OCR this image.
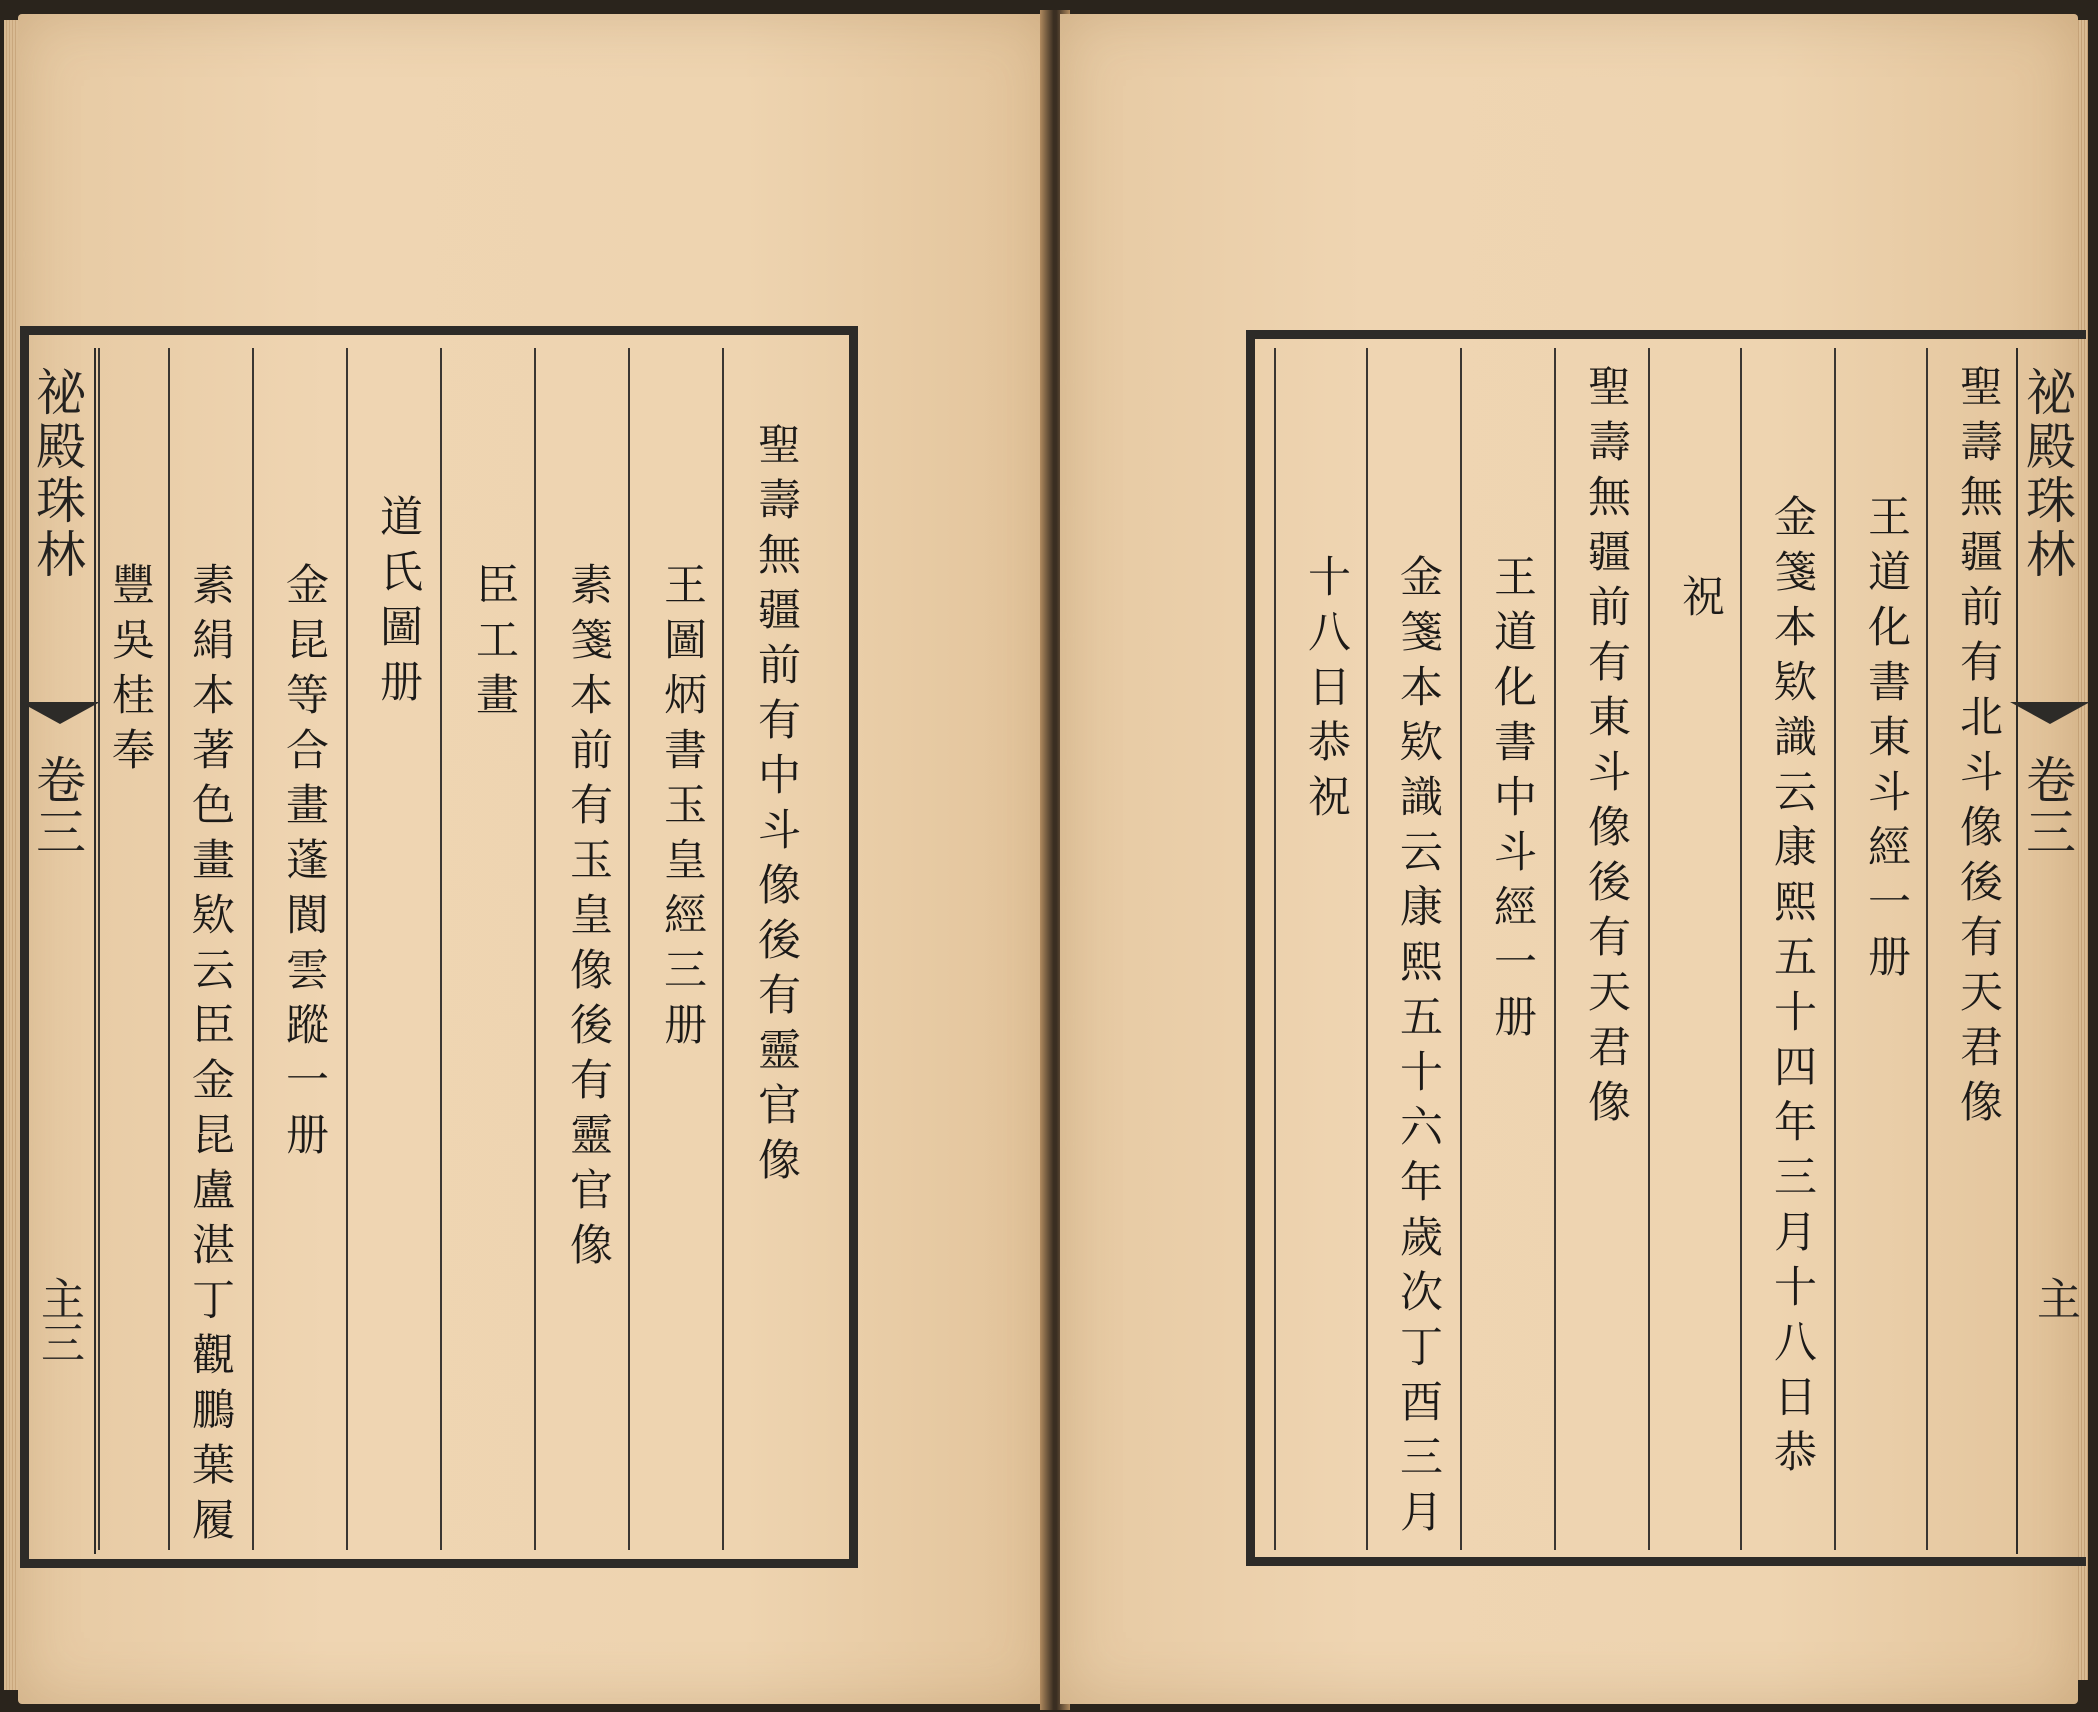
祕殿珠林
卷三
主三
聖壽無疆前有中斗像後有靈官像
王圖炳書玉皇經三册
素箋本前有玉皇像後有靈官像
臣工畫
道氏圖册
金昆等合畫蓬閬雲蹤一册
素絹本著色畫欵云臣金昆盧湛丁觀鵬葉履
豐吳桂奉
祕殿珠林
卷三
主

聖壽無疆前有北斗像後有天君像
王道化書東斗經一册
金箋本欵識云康熙五十四年三月十八日恭
祝
聖壽無疆前有東斗像後有天君像
王道化書中斗經一册
金箋本欵識云康熙五十六年歲次丁酉三月
十八日恭祝
